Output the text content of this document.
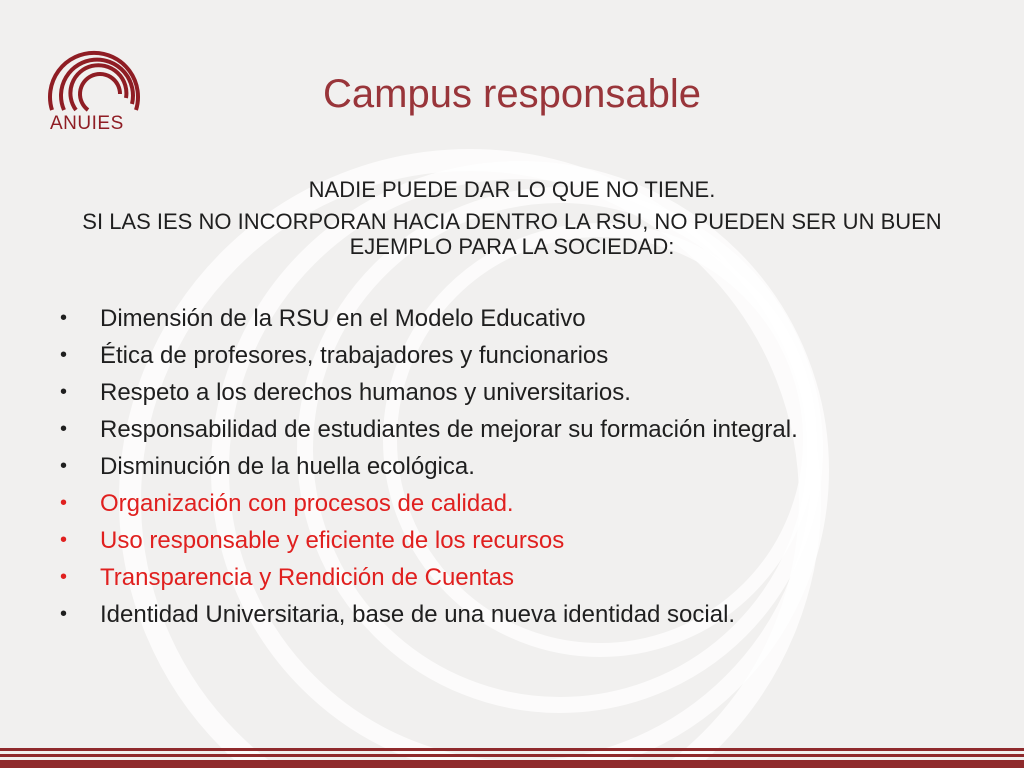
ANUIES
Campus responsable

NADIE PUEDE DAR LO QUE NO TIENE.

SI LAS IES NO INCORPORAN HACIA DENTRO LA RSU, NO PUEDEN SER UN BUEN EJEMPLO PARA LA SOCIEDAD:

• Dimensión de la RSU en el Modelo Educativo
• Ética de profesores, trabajadores y funcionarios
• Respeto a los derechos humanos y universitarios.
• Responsabilidad de estudiantes de mejorar su formación integral.
• Disminución de la huella ecológica.
• Organización con procesos de calidad.
• Uso responsable y eficiente de los recursos
• Transparencia y Rendición de Cuentas
• Identidad Universitaria, base de una nueva identidad social.
